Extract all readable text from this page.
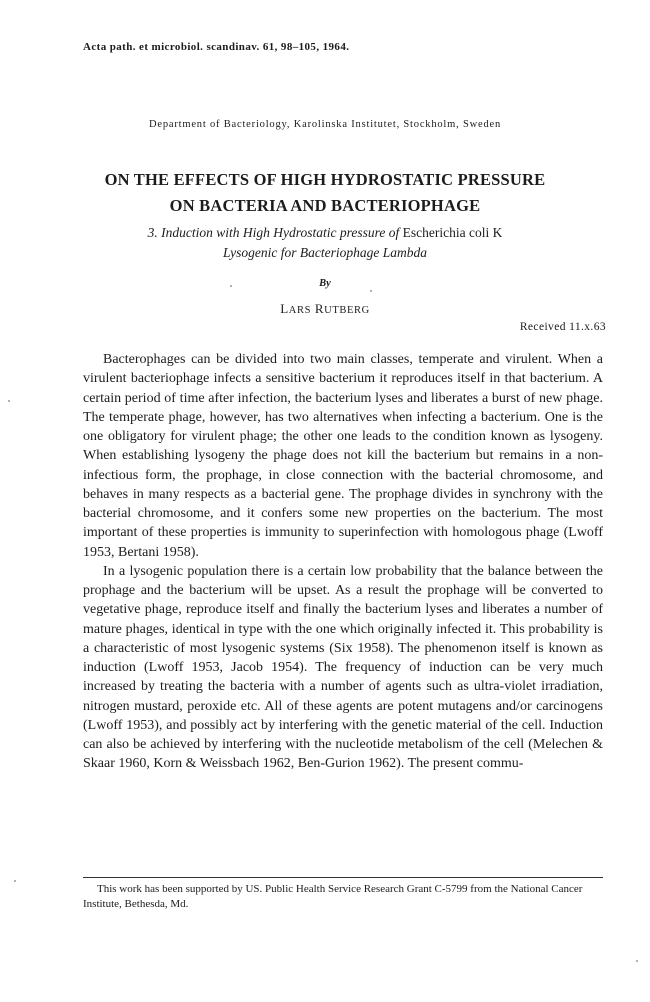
Acta path. et microbiol. scandinav. 61, 98–105, 1964.
Department of Bacteriology, Karolinska Institutet, Stockholm, Sweden
ON THE EFFECTS OF HIGH HYDROSTATIC PRESSURE
ON BACTERIA AND BACTERIOPHAGE
3. Induction with High Hydrostatic pressure of Escherichia coli K
Lysogenic for Bacteriophage Lambda
By
LARS RUTBERG
Received 11.x.63

Bacterophages can be divided into two main classes, temperate and virulent. When a virulent bacteriophage infects a sensitive bacterium it reproduces itself in that bacterium. A certain period of time after infection, the bacterium lyses and liberates a burst of new phage. The temperate phage, however, has two alternatives when infecting a bacterium. One is the one obligatory for virulent phage; the other one leads to the condition known as lysogeny. When establishing lysogeny the phage does not kill the bacterium but remains in a non-infectious form, the prophage, in close connection with the bacterial chromosome, and behaves in many respects as a bacterial gene. The prophage divides in synchrony with the bacterial chromosome, and it confers some new properties on the bacterium. The most important of these properties is immunity to superinfection with homologous phage (Lwoff 1953, Bertani 1958).

In a lysogenic population there is a certain low probability that the balance between the prophage and the bacterium will be upset. As a result the prophage will be converted to vegetative phage, reproduce itself and finally the bacterium lyses and liberates a number of mature phages, identical in type with the one which originally infected it. This probability is a characteristic of most lysogenic systems (Six 1958). The phenomenon itself is known as induction (Lwoff 1953, Jacob 1954). The frequency of induction can be very much increased by treating the bacteria with a number of agents such as ultra-violet irradiation, nitrogen mustard, peroxide etc. All of these agents are potent mutagens and/or carcinogens (Lwoff 1953), and possibly act by interfering with the genetic material of the cell. Induction can also be achieved by interfering with the nucleotide metabolism of the cell (Melechen & Skaar 1960, Korn & Weissbach 1962, Ben-Gurion 1962). The present commu-

This work has been supported by US. Public Health Service Research Grant C-5799 from the National Cancer Institute, Bethesda, Md.
